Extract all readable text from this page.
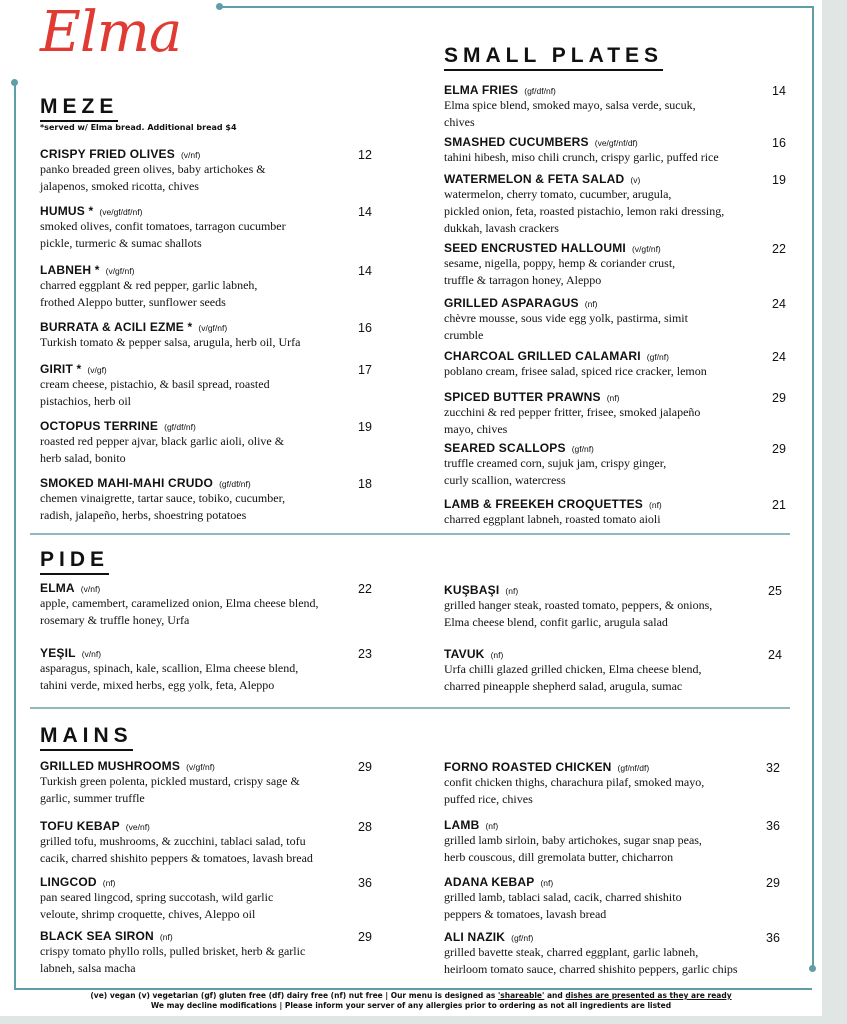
Elma
MEZE
*served w/ Elma bread. Additional bread $4
SMALL PLATES
PIDE
MAINS
CRISPY FRIED OLIVES (v/nf)
panko breaded green olives, baby artichokes &
jalapenos, smoked ricotta, chives
12
HUMUS * (ve/gf/df/nf)
smoked olives, confit tomatoes, tarragon cucumber
pickle, turmeric & sumac shallots
14
LABNEH * (v/gf/nf)
charred eggplant & red pepper, garlic labneh,
frothed Aleppo butter, sunflower seeds
14
BURRATA & ACILI EZME * (v/gf/nf)
Turkish tomato & pepper salsa, arugula, herb oil, Urfa
16
GIRIT * (v/gf)
cream cheese, pistachio, & basil spread, roasted
pistachios, herb oil
17
OCTOPUS TERRINE (gf/df/nf)
roasted red pepper ajvar, black garlic aioli, olive &
herb salad, bonito
19
SMOKED MAHI-MAHI CRUDO (gf/df/nf)
chemen vinaigrette, tartar sauce, tobiko, cucumber,
radish, jalapeño, herbs, shoestring potatoes
18
ELMA FRIES (gf/df/nf)
Elma spice blend, smoked mayo, salsa verde, sucuk,
chives
14
SMASHED CUCUMBERS (ve/gf/nf/df)
tahini hibesh, miso chili crunch, crispy garlic, puffed rice
16
WATERMELON & FETA SALAD (v)
watermelon, cherry tomato, cucumber, arugula,
pickled onion, feta, roasted pistachio, lemon raki dressing,
dukkah, lavash crackers
19
SEED ENCRUSTED HALLOUMI (v/gf/nf)
sesame, nigella, poppy, hemp & coriander crust,
truffle & tarragon honey, Aleppo
22
GRILLED ASPARAGUS (nf)
chèvre mousse, sous vide egg yolk, pastirma, simit
crumble
24
CHARCOAL GRILLED CALAMARI (gf/nf)
poblano cream, frisee salad, spiced rice cracker, lemon
24
SPICED BUTTER PRAWNS (nf)
zucchini & red pepper fritter, frisee, smoked jalapeño
mayo, chives
29
SEARED SCALLOPS (gf/nf)
truffle creamed corn, sujuk jam, crispy ginger,
curly scallion, watercress
29
LAMB & FREEKEH CROQUETTES (nf)
charred eggplant labneh, roasted tomato aioli
21
ELMA (v/nf)
apple, camembert, caramelized onion, Elma cheese blend,
rosemary & truffle honey, Urfa
22
YEŞIL (v/nf)
asparagus, spinach, kale, scallion, Elma cheese blend,
tahini verde, mixed herbs, egg yolk, feta, Aleppo
23
KUŞBAŞI (nf)
grilled hanger steak, roasted tomato, peppers, & onions,
Elma cheese blend, confit garlic, arugula salad
25
TAVUK (nf)
Urfa chilli glazed grilled chicken, Elma cheese blend,
charred pineapple shepherd salad, arugula, sumac
24
GRILLED MUSHROOMS (v/gf/nf)
Turkish green polenta, pickled mustard, crispy sage &
garlic, summer truffle
29
TOFU KEBAP (ve/nf)
grilled tofu, mushrooms, & zucchini, tablaci salad, tofu
cacik, charred shishito peppers & tomatoes, lavash bread
28
LINGCOD (nf)
pan seared lingcod, spring succotash, wild garlic
veloute, shrimp croquette, chives, Aleppo oil
36
BLACK SEA SIRON (nf)
crispy tomato phyllo rolls, pulled brisket, herb & garlic
labneh, salsa macha
29
FORNO ROASTED CHICKEN (gf/nf/df)
confit chicken thighs, charachura pilaf, smoked mayo,
puffed rice, chives
32
LAMB (nf)
grilled lamb sirloin, baby artichokes, sugar snap peas,
herb couscous, dill gremolata butter, chicharron
36
ADANA KEBAP (nf)
grilled lamb, tablaci salad, cacik, charred shishito
peppers & tomatoes, lavash bread
29
ALI NAZIK (gf/nf)
grilled bavette steak, charred eggplant, garlic labneh,
heirloom tomato sauce, charred shishito peppers, garlic chips
36
(ve) vegan (v) vegetarian (gf) gluten free (df) dairy free (nf) nut free | Our menu is designed as 'shareable' and dishes are presented as they are ready
We may decline modifications | Please inform your server of any allergies prior to ordering as not all ingredients are listed
